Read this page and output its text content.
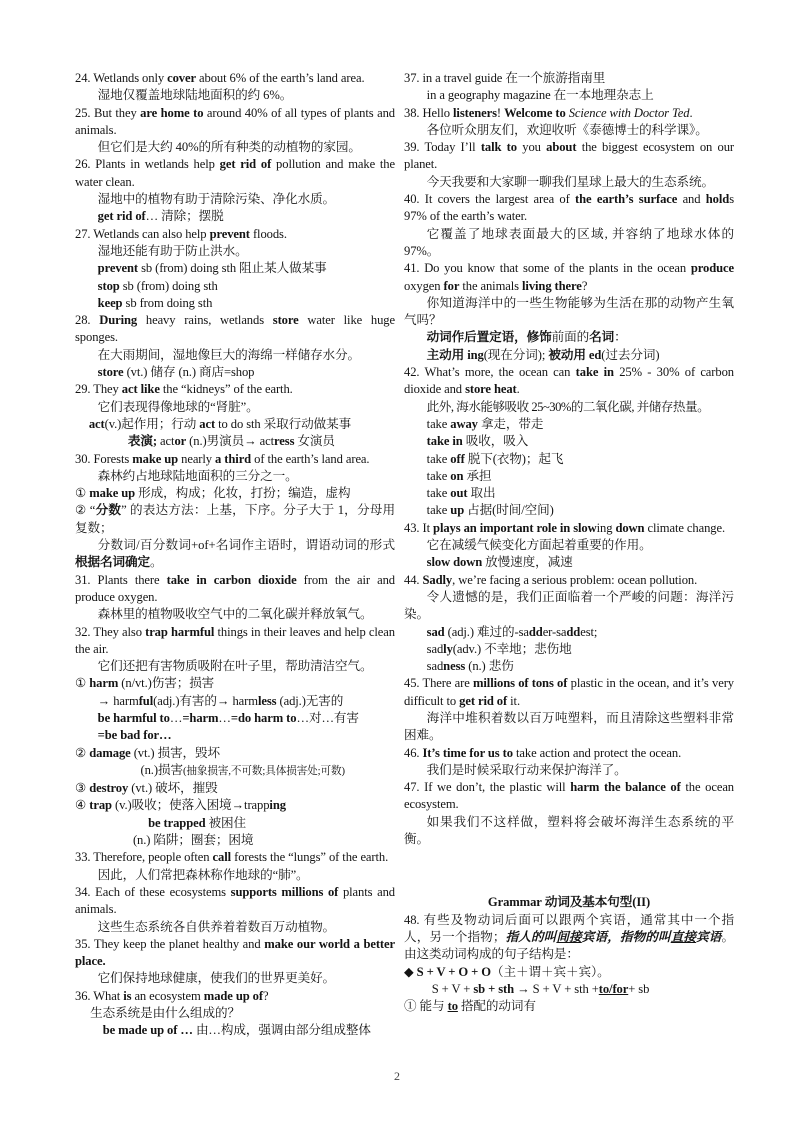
24. Wetlands only cover about 6% of the earth’s land area.
湿地仅覆盖地球陆地面积的约 6%。
25. But they are home to around 40% of all types of plants and animals.
但它们是大约 40%的所有种类的动植物的家园。
26. Plants in wetlands help get rid of pollution and make the water clean.
湿地中的植物有助于清除污染、净化水质。
get rid of… 清除；摆脱
27. Wetlands can also help prevent floods.
湿地还能有助于防止洪水。
prevent sb (from) doing sth 阻止某人做某事
stop sb (from) doing sth
keep sb from doing sth
28. During heavy rains, wetlands store water like huge sponges.
在大雨期间，湿地像巨大的海绵一样储存水分。
store (vt.) 储存 (n.) 商店=shop
29. They act like the “kidneys” of the earth.
它们表现得像地球的“肾脏”。
act(v.)起作用；行动 act to do sth 采取行动做某事
表演; actor (n.)男演员→ actress 女演员
30. Forests make up nearly a third of the earth’s land area.
森林约占地球陆地面积的三分之一。
① make up 形成，构成；化妆，打扮；编造，虚构
② “分数” 的表达方法：上基，下序。分子大于 1，分母用复数；
分数词/百分数词+of+名词作主语时，谓语动词的形式根据名词确定。
31. Plants there take in carbon dioxide from the air and produce oxygen.
森林里的植物吸收空气中的二氧化碳并释放氧气。
32. They also trap harmful things in their leaves and help clean the air.
它们还把有害物质吸附在叶子里，帮助清洁空气。
① harm (n/vt.)伤害；损害
→ harmful(adj.)有害的→ harmless (adj.)无害的
be harmful to…=harm…=do harm to…对…有害
=be bad for…
② damage (vt.) 损害，毁坏
(n.)损害(抽象损害,不可数;具体损害处;可数)
③ destroy (vt.) 破坏，摧毁
④ trap (v.)吸收；使落入困境→trapping
be trapped 被困住
(n.) 陷阱；圈套；困境
33. Therefore, people often call forests the “lungs” of the earth.
因此，人们常把森林称作地球的“肺”。
34. Each of these ecosystems supports millions of plants and animals.
这些生态系统各自供养着着数百万动植物。
35. They keep the planet healthy and make our world a better place.
它们保持地球健康，使我们的世界更美好。
36. What is an ecosystem made up of?
生态系统是由什么组成的？
be made up of … 由…构成，强调由部分组成整体
37. in a travel guide 在一个旅游指南里
in a geography magazine 在一本地理杂志上
38. Hello listeners! Welcome to Science with Doctor Ted.
各位听众朋友们，欢迎收听《泰德博士的科学课》。
39. Today I’ll talk to you about the biggest ecosystem on our planet.
今天我要和大家聊一聊我们星球上最大的生态系统。
40. It covers the largest area of the earth’s surface and holds 97% of the earth’s water.
它覆盖了地球表面最大的区域, 并容纳了地球水体的 97%。
41. Do you know that some of the plants in the ocean produce oxygen for the animals living there?
你知道海洋中的一些生物能够为生活在那的动物产生氧气吗？
动词作后置定语，修饰前面的名词：
主动用 ing(现在分词); 被动用 ed(过去分词)
42. What’s more, the ocean can take in 25% - 30% of carbon dioxide and store heat.
此外, 海水能够吸收 25~30%的二氧化碳, 并储存热量。
take away 拿走，带走
take in 吸收，吸入
take off 脱下(衣物)；起飞
take on 承担
take out 取出
take up 占据(时间/空间)
43. It plays an important role in slowing down climate change.
它在减缓气候变化方面起着重要的作用。
slow down 放慢速度，减速
44. Sadly, we’re facing a serious problem: ocean pollution.
令人遗憾的是，我们正面临着一个严峻的问题：海洋污染。
sad (adj.) 难过的-sadder-saddest;
sadly(adv.) 不幸地；悲伤地
sadness (n.) 悲伤
45. There are millions of tons of plastic in the ocean, and it’s very difficult to get rid of it.
海洋中堆积着数以百万吨塑料，而且清除这些塑料非常困难。
46. It’s time for us to take action and protect the ocean.
我们是时候采取行动来保护海洋了。
47. If we don’t, the plastic will harm the balance of the ocean ecosystem.
如果我们不这样做，塑料将会破坏海洋生态系统的平衡。
Grammar 动词及基本句型(II)
48. 有些及物动词后面可以跟两个宾语，通常其中一个指人，另一个指物；指人的叫间接宾语，指物的叫直接宾语。由这类动词构成的句子结构是：
◆ S + V + O + O（主＋谓＋宾＋宾）。
S + V + sb + sth → S + V + sth +to/for+ sb
① 能与 to 搭配的动词有
2
